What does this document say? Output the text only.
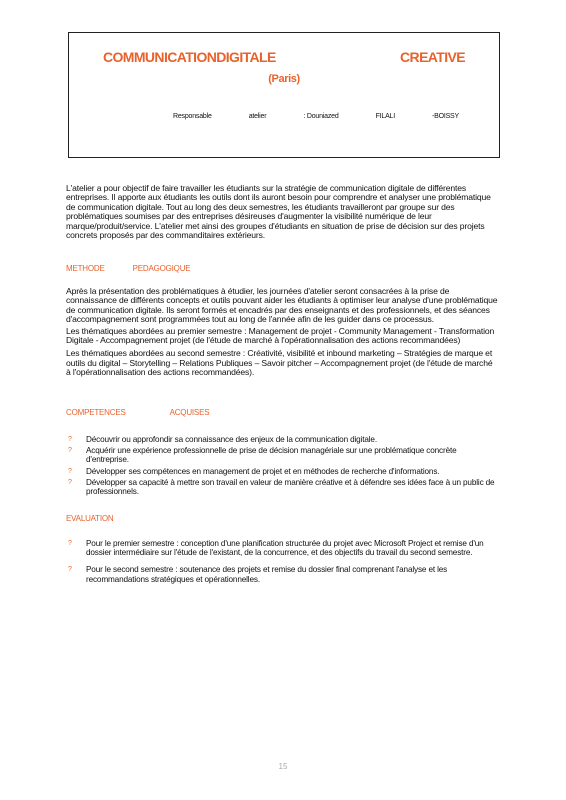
COMMUNICATIONDIGITALE	CREATIVE
(Paris)
Responsable	atelier	: Douniazed	FILALI	-BOISSY

L'atelier a pour objectif de faire travailler les étudiants sur la stratégie de communication digitale de différentes entreprises. Il apporte aux étudiants les outils dont ils auront besoin pour comprendre et analyser une problématique de communication digitale. Tout au long des deux semestres, les étudiants travailleront par groupe sur des problématiques soumises par des entreprises désireuses d'augmenter la visibilité numérique de leur marque/produit/service. L'atelier met ainsi des groupes d'étudiants en situation de prise de décision sur des projets concrets proposés par des commanditaires extérieurs.

METHODE	PEDAGOGIQUE

Après la présentation des problématiques à étudier, les journées d'atelier seront consacrées à la prise de connaissance de différents concepts et outils pouvant aider les étudiants à optimiser leur analyse d'une problématique de communication digitale. Ils seront formés et encadrés par des enseignants et des professionnels, et des séances d'accompagnement sont programmées tout au long de l'année afin de les guider dans ce processus.

Les thématiques abordées au premier semestre : Management de projet - Community Management - Transformation Digitale - Accompagnement projet (de l'étude de marché à l'opérationnalisation des actions recommandées)

Les thématiques abordées au second semestre : Créativité, visibilité et inbound marketing – Stratégies de marque et outils du digital – Storytelling – Relations Publiques – Savoir pitcher – Accompagnement projet (de l'étude de marché à l'opérationnalisation des actions recommandées).

COMPETENCES	ACQUISES

? Découvrir ou approfondir sa connaissance des enjeux de la communication digitale.
? Acquérir une expérience professionnelle de prise de décision managériale sur une problématique concrète d'entreprise.
? Développer ses compétences en management de projet et en méthodes de recherche d'informations.
? Développer sa capacité à mettre son travail en valeur de manière créative et à défendre ses idées face à un public de professionnels.

EVALUATION

? Pour le premier semestre : conception d'une planification structurée du projet avec Microsoft Project et remise d'un dossier intermédiaire sur l'étude de l'existant, de la concurrence, et des objectifs du travail du second semestre.
? Pour le second semestre : soutenance des projets et remise du dossier final comprenant l'analyse et les recommandations stratégiques et opérationnelles.
15
